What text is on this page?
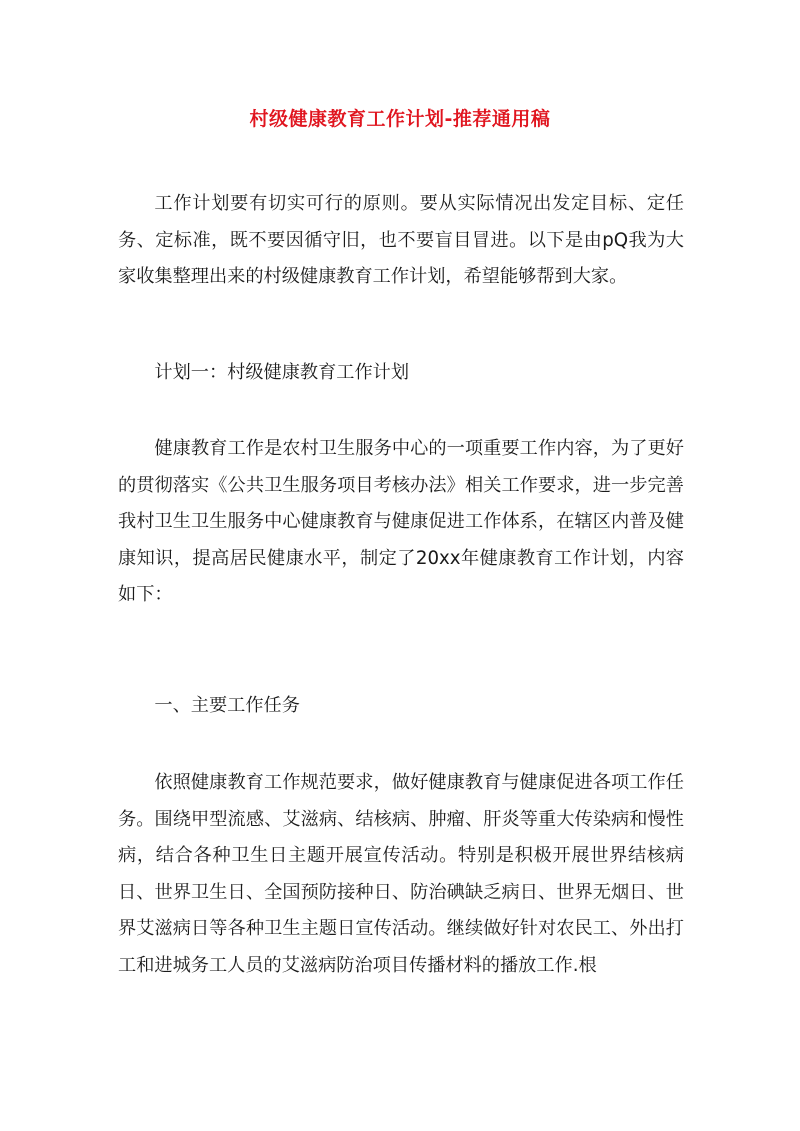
村级健康教育工作计划-推荐通用稿

工作计划要有切实可行的原则。要从实际情况出发定目标、定任务、定标准，既不要因循守旧，也不要盲目冒进。以下是由pQ我为大家收集整理出来的村级健康教育工作计划，希望能够帮到大家。

计划一：村级健康教育工作计划

健康教育工作是农村卫生服务中心的一项重要工作内容，为了更好的贯彻落实《公共卫生服务项目考核办法》相关工作要求，进一步完善我村卫生卫生服务中心健康教育与健康促进工作体系，在辖区内普及健康知识，提高居民健康水平，制定了20xx年健康教育工作计划，内容如下：

一、主要工作任务

依照健康教育工作规范要求，做好健康教育与健康促进各项工作任务。围绕甲型流感、艾滋病、结核病、肿瘤、肝炎等重大传染病和慢性病，结合各种卫生日主题开展宣传活动。特别是积极开展世界结核病日、世界卫生日、全国预防接种日、防治碘缺乏病日、世界无烟日、世界艾滋病日等各种卫生主题日宣传活动。继续做好针对农民工、外出打工和进城务工人员的艾滋病防治项目传播材料的播放工作.根
